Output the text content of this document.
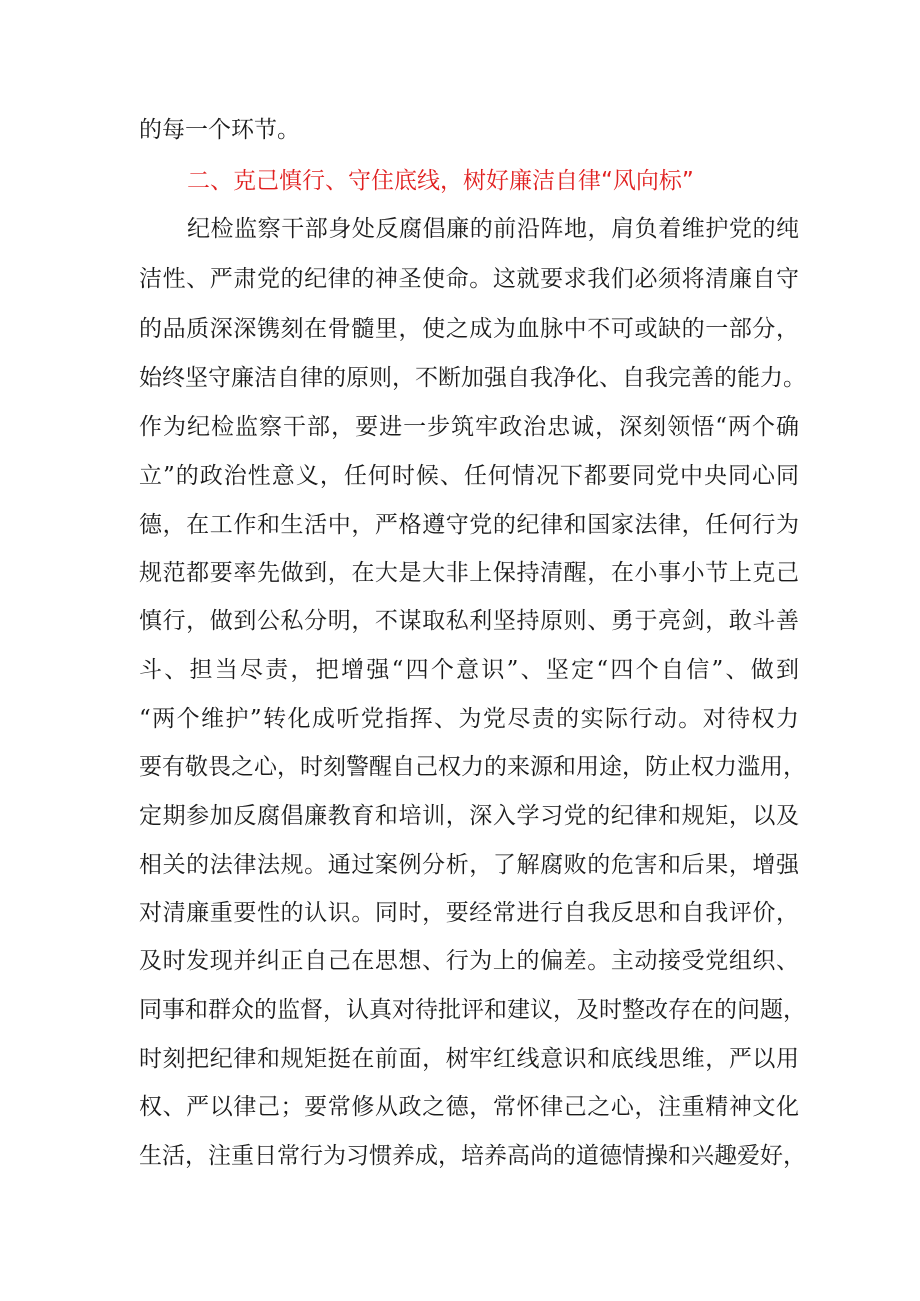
的每一个环节。
二、克己慎行、守住底线，树好廉洁自律“风向标”
纪检监察干部身处反腐倡廉的前沿阵地，肩负着维护党的纯
洁性、严肃党的纪律的神圣使命。这就要求我们必须将清廉自守
的品质深深镌刻在骨髓里，使之成为血脉中不可或缺的一部分，
始终坚守廉洁自律的原则，不断加强自我净化、自我完善的能力。
作为纪检监察干部，要进一步筑牢政治忠诚，深刻领悟“两个确
立”的政治性意义，任何时候、任何情况下都要同党中央同心同
德，在工作和生活中，严格遵守党的纪律和国家法律，任何行为
规范都要率先做到，在大是大非上保持清醒，在小事小节上克己
慎行，做到公私分明，不谋取私利坚持原则、勇于亮剑，敢斗善
斗、担当尽责，把增强“四个意识”、坚定“四个自信”、做到
“两个维护”转化成听党指挥、为党尽责的实际行动。对待权力
要有敬畏之心，时刻警醒自己权力的来源和用途，防止权力滥用，
定期参加反腐倡廉教育和培训，深入学习党的纪律和规矩，以及
相关的法律法规。通过案例分析，了解腐败的危害和后果，增强
对清廉重要性的认识。同时，要经常进行自我反思和自我评价，
及时发现并纠正自己在思想、行为上的偏差。主动接受党组织、
同事和群众的监督，认真对待批评和建议，及时整改存在的问题，
时刻把纪律和规矩挺在前面，树牢红线意识和底线思维，严以用
权、严以律己；要常修从政之德，常怀律己之心，注重精神文化
生活，注重日常行为习惯养成，培养高尚的道德情操和兴趣爱好，
